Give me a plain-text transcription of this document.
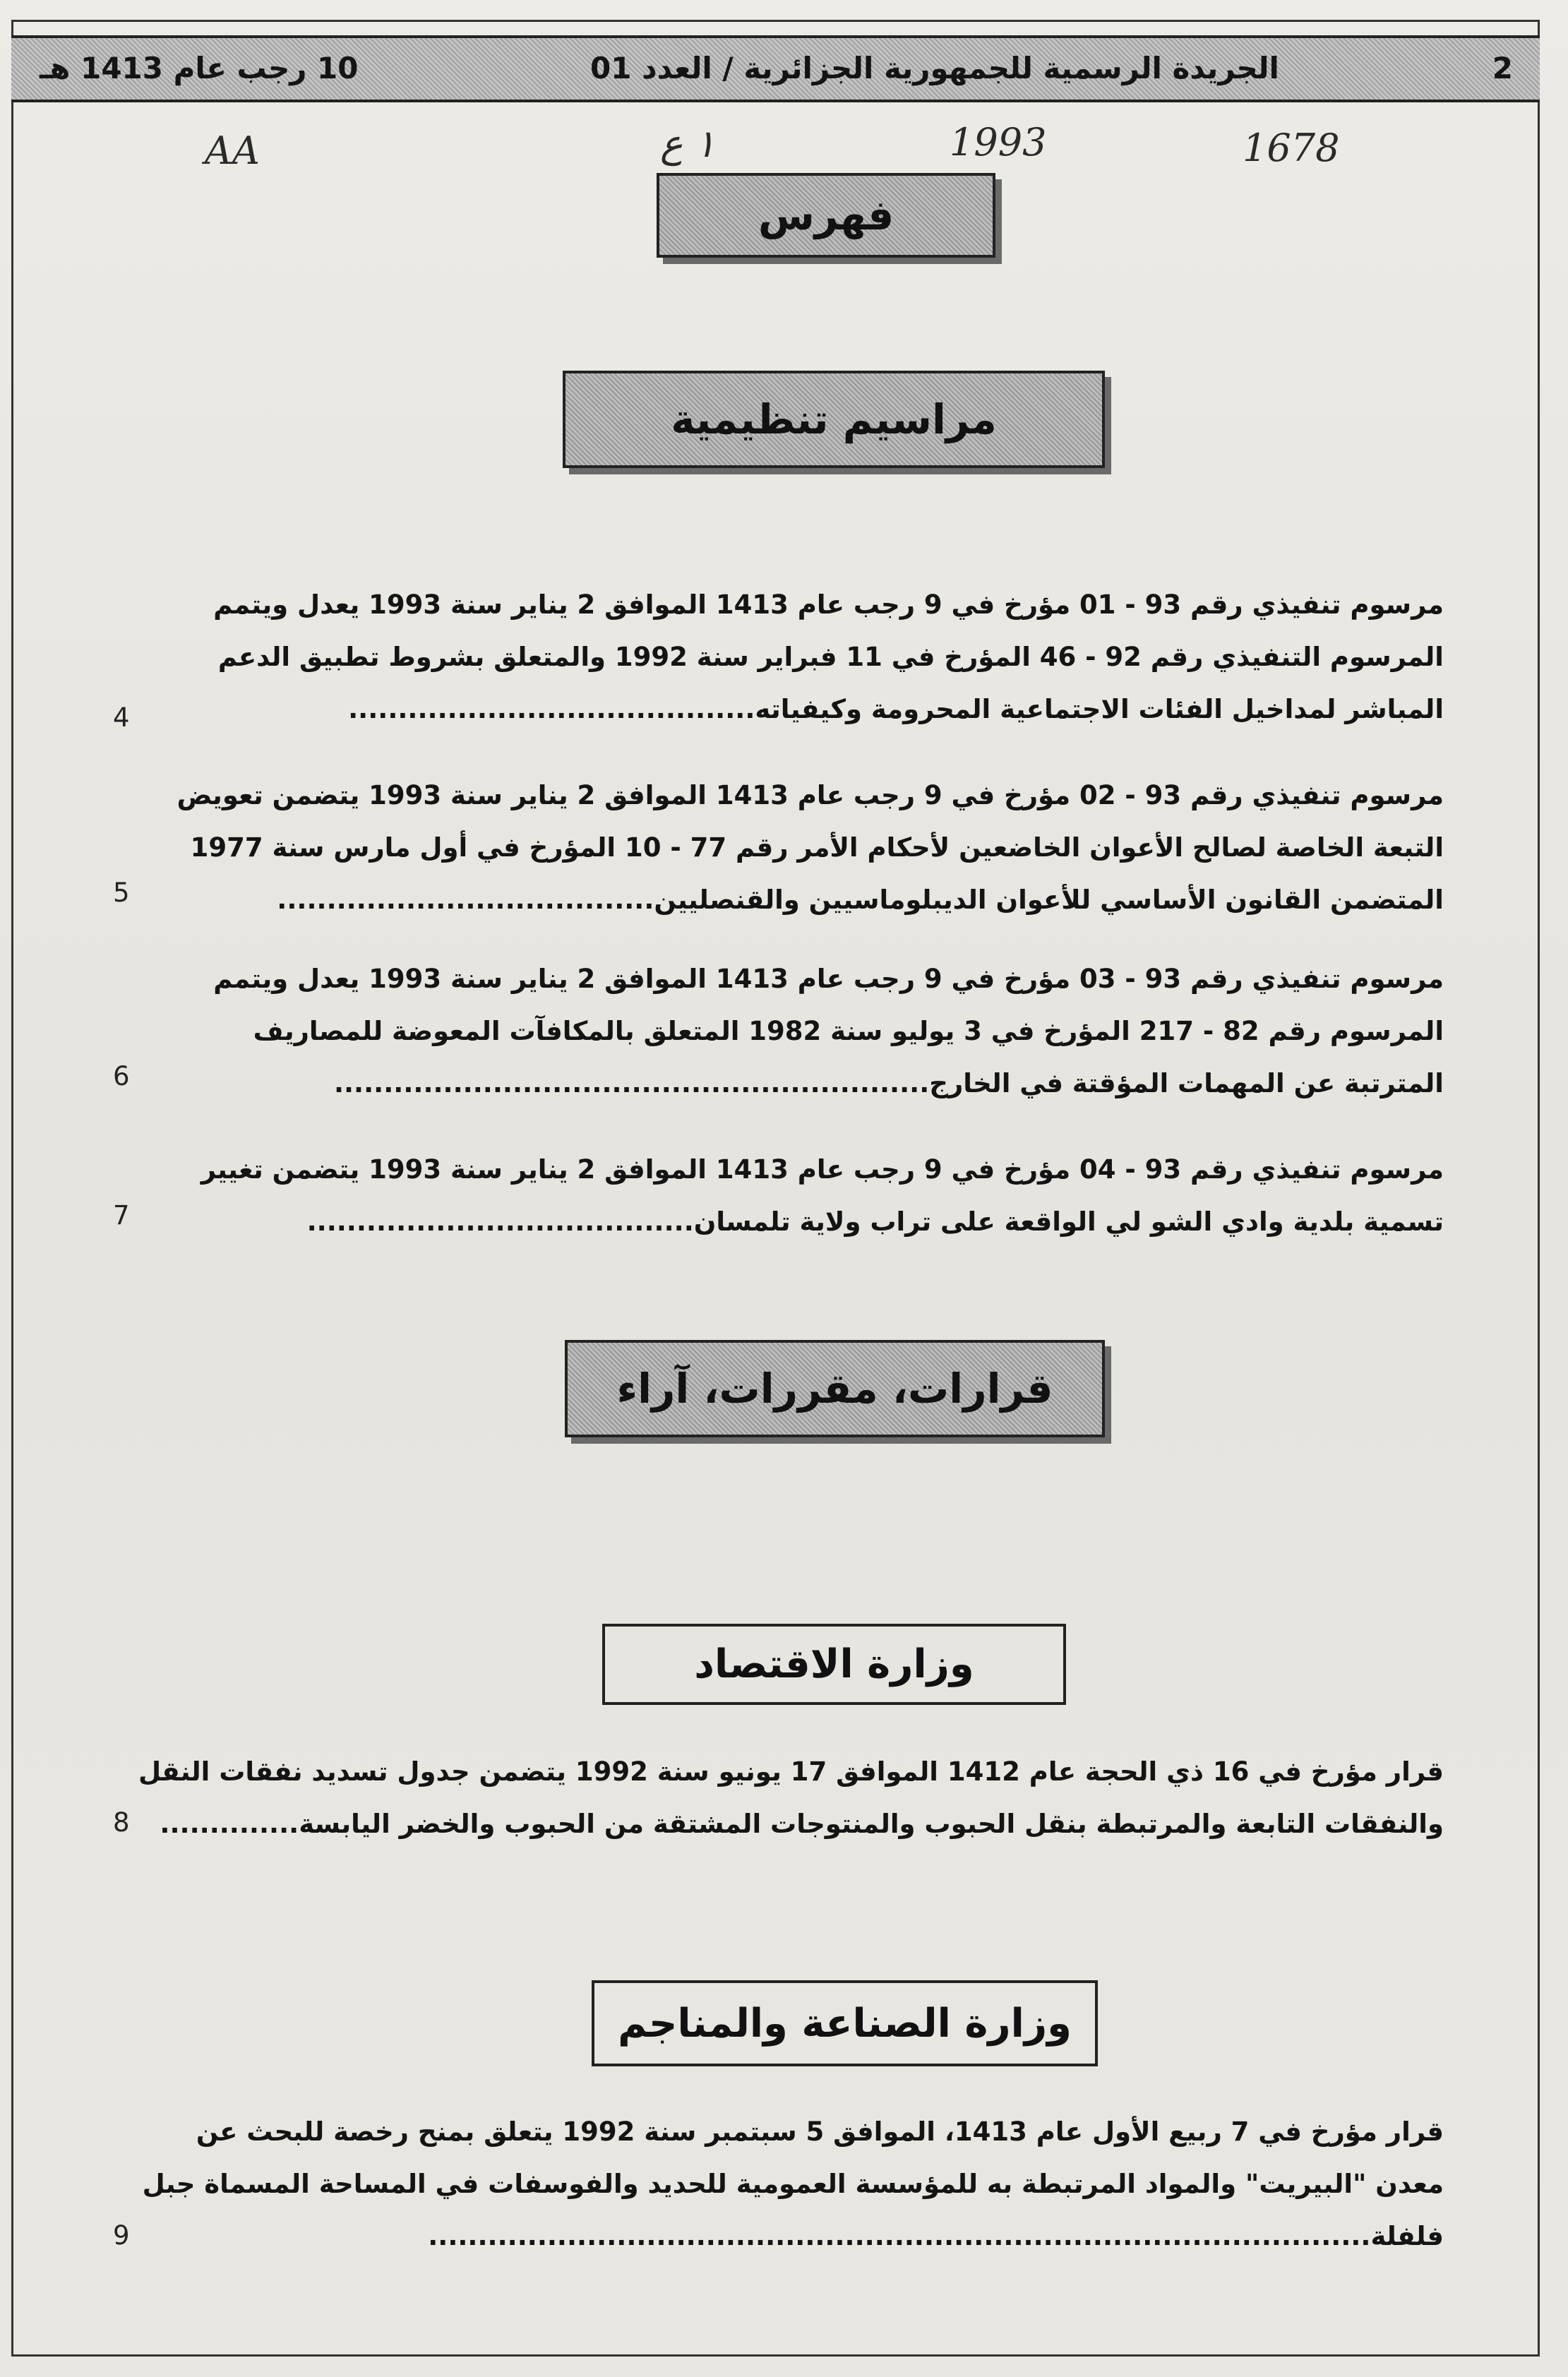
2
الجريدة الرسمية للجمهورية الجزائرية / العدد 01
10 رجب عام 1413 هـ
1678
1993
١ ع
AA
فهرس
مراسيم تنظيمية
مرسوم تنفيذي رقم 93 - 01 مؤرخ في 9 رجب عام 1413 الموافق 2 يناير سنة 1993 يعدل ويتمم
المرسوم التنفيذي رقم 92 - 46 المؤرخ في 11 فبراير سنة 1992 والمتعلق بشروط تطبيق الدعم
المباشر لمداخيل الفئات الاجتماعية المحرومة وكيفياته.........................................
4
مرسوم تنفيذي رقم 93 - 02 مؤرخ في 9 رجب عام 1413 الموافق 2 يناير سنة 1993 يتضمن تعويض
التبعة الخاصة لصالح الأعوان الخاضعين لأحكام الأمر رقم 77 - 10 المؤرخ في أول مارس سنة 1977
المتضمن القانون الأساسي للأعوان الديبلوماسيين والقنصليين......................................
5
مرسوم تنفيذي رقم 93 - 03 مؤرخ في 9 رجب عام 1413 الموافق 2 يناير سنة 1993 يعدل ويتمم
المرسوم رقم 82 - 217 المؤرخ في 3 يوليو سنة 1982 المتعلق بالمكافآت المعوضة للمصاريف
المترتبة عن المهمات المؤقتة في الخارج............................................................
6
مرسوم تنفيذي رقم 93 - 04 مؤرخ في 9 رجب عام 1413 الموافق 2 يناير سنة 1993 يتضمن تغيير
تسمية بلدية وادي الشو لي الواقعة على تراب ولاية تلمسان.......................................
7
قرارات، مقررات، آراء
وزارة الاقتصاد
قرار مؤرخ في 16 ذي الحجة عام 1412 الموافق 17 يونيو سنة 1992 يتضمن جدول تسديد نفقات النقل
والنفقات التابعة والمرتبطة بنقل الحبوب والمنتوجات المشتقة من الحبوب والخضر اليابسة..............
8
وزارة الصناعة والمناجم
قرار مؤرخ في 7 ربيع الأول عام 1413، الموافق 5 سبتمبر سنة 1992 يتعلق بمنح رخصة للبحث عن
معدن "البيريت" والمواد المرتبطة به للمؤسسة العمومية للحديد والفوسفات في المساحة المسماة جبل
فلفلة...............................................................................................
9
